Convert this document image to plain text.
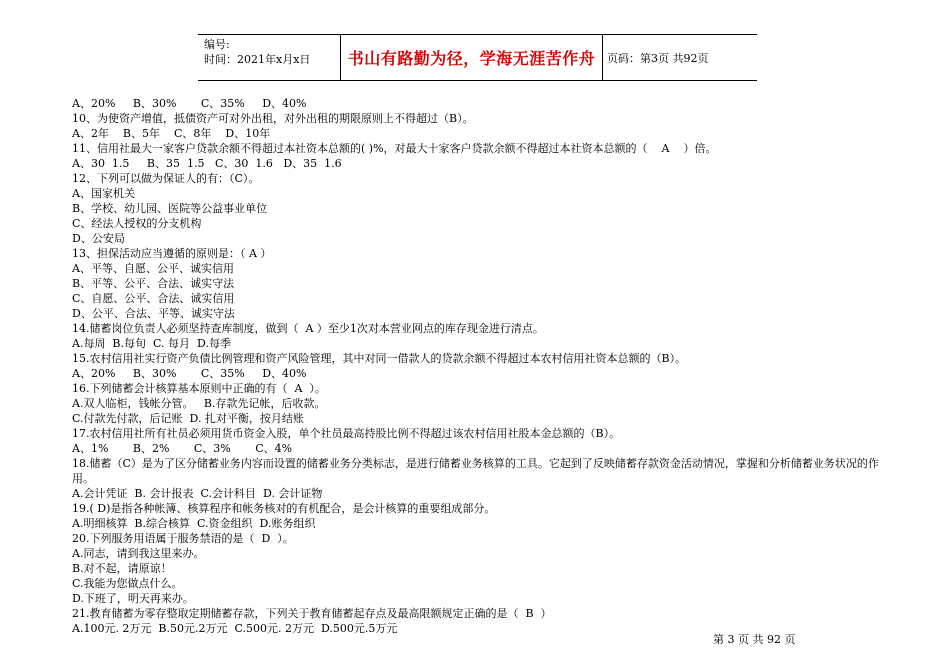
编号:
时间：2021年x月x日	书山有路勤为径，学海无涯苦作舟	页码：第3页 共92页

A、20%     B、30%       C、35%     D、40%

10、为使资产增值，抵债资产可对外出租，对外出租的期限原则上不得超过（B）。

A、2年    B、5年    C、8年    D、10年

11、信用社最大一家客户贷款余额不得超过本社资本总额的( )%，对最大十家客户贷款余额不得超过本社资本总额的（    A    ）倍。

A、30  1.5     B、35  1.5   C、30  1.6   D、35  1.6

12、下列可以做为保证人的有：（C）。

A、国家机关

B、学校、幼儿园、医院等公益事业单位

C、经法人授权的分支机构

D、公安局

13、担保活动应当遵循的原则是：（ A ）

A、平等、自愿、公平、诚实信用

B、平等、公平、合法、诚实守法

C、自愿、公平、合法、诚实信用

D、公平、合法、平等、诚实守法

14.储蓄岗位负责人必须坚持查库制度，做到（  A ）至少1次对本营业网点的库存现金进行清点。

A.每周  B.每旬  C. 每月  D.每季

15.农村信用社实行资产负债比例管理和资产风险管理，其中对同一借款人的贷款余额不得超过本农村信用社资本总额的（B）。

A、20%     B、30%       C、35%     D、40%

16.下列储蓄会计核算基本原则中正确的有（  A  ）。

A.双人临柜，钱帐分管。   B.存款先记帐，后收款。

C.付款先付款，后记账  D. 扎对平衡，按月结账

17.农村信用社所有社员必须用货币资金入股，单个社员最高持股比例不得超过该农村信用社股本金总额的（B）。

A、1%       B、2%       C、3%       C、4%

18.储蓄（C）是为了区分储蓄业务内容而设置的储蓄业务分类标志，是进行储蓄业务核算的工具。它起到了反映储蓄存款资金活动情况，掌握和分析储蓄业务状况的作用。

A.会计凭证  B. 会计报表  C.会计科目  D. 会计证物

19.( D)是指各种帐簿、核算程序和帐务核对的有机配合，是会计核算的重要组成部分。

A.明细核算  B.综合核算  C.资金组织  D.账务组织

20.下列服务用语属于服务禁语的是（  D  ）。

A.同志，请到我这里来办。

B.对不起，请原谅！

C.我能为您做点什么。

D.下班了，明天再来办。

21.教育储蓄为零存整取定期储蓄存款，下列关于教育储蓄起存点及最高限额规定正确的是（  B  ）

A.100元. 2万元  B.50元.2万元  C.500元. 2万元  D.500元.5万元

第 3 页 共 92 页
